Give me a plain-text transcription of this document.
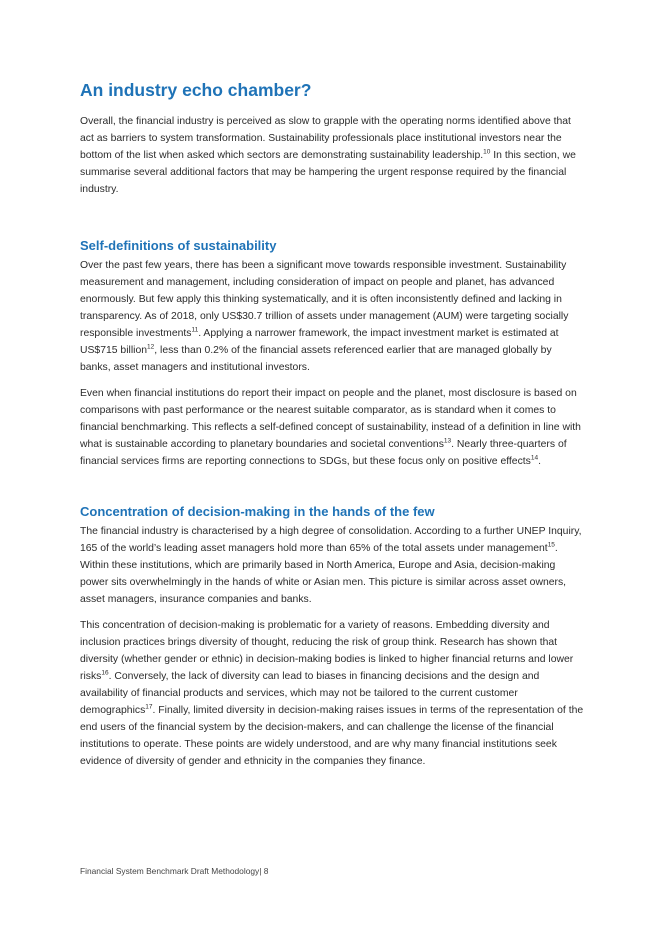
An industry echo chamber?

Overall, the financial industry is perceived as slow to grapple with the operating norms identified above that act as barriers to system transformation. Sustainability professionals place institutional investors near the bottom of the list when asked which sectors are demonstrating sustainability leadership.$^{10}$ In this section, we summarise several additional factors that may be hampering the urgent response required by the financial industry.

Self-definitions of sustainability

Over the past few years, there has been a significant move towards responsible investment. Sustainability measurement and management, including consideration of impact on people and planet, has advanced enormously. But few apply this thinking systematically, and it is often inconsistently defined and lacking in transparency. As of 2018, only US$30.7 trillion of assets under management (AUM) were targeting socially responsible investments$^{11}$. Applying a narrower framework, the impact investment market is estimated at US$715 billion$^{12}$, less than 0.2% of the financial assets referenced earlier that are managed globally by banks, asset managers and institutional investors.

Even when financial institutions do report their impact on people and the planet, most disclosure is based on comparisons with past performance or the nearest suitable comparator, as is standard when it comes to financial benchmarking. This reflects a self-defined concept of sustainability, instead of a definition in line with what is sustainable according to planetary boundaries and societal conventions$^{13}$. Nearly three-quarters of financial services firms are reporting connections to SDGs, but these focus only on positive effects$^{14}$.

Concentration of decision-making in the hands of the few

The financial industry is characterised by a high degree of consolidation. According to a further UNEP Inquiry, 165 of the world’s leading asset managers hold more than 65% of the total assets under management$^{15}$. Within these institutions, which are primarily based in North America, Europe and Asia, decision-making power sits overwhelmingly in the hands of white or Asian men. This picture is similar across asset owners, asset managers, insurance companies and banks.

This concentration of decision-making is problematic for a variety of reasons. Embedding diversity and inclusion practices brings diversity of thought, reducing the risk of group think. Research has shown that diversity (whether gender or ethnic) in decision-making bodies is linked to higher financial returns and lower risks$^{16}$. Conversely, the lack of diversity can lead to biases in financing decisions and the design and availability of financial products and services, which may not be tailored to the current customer demographics$^{17}$. Finally, limited diversity in decision-making raises issues in terms of the representation of the end users of the financial system by the decision-makers, and can challenge the license of the financial institutions to operate. These points are widely understood, and are why many financial institutions seek evidence of diversity of gender and ethnicity in the companies they finance.

Financial System Benchmark Draft Methodology| 8
